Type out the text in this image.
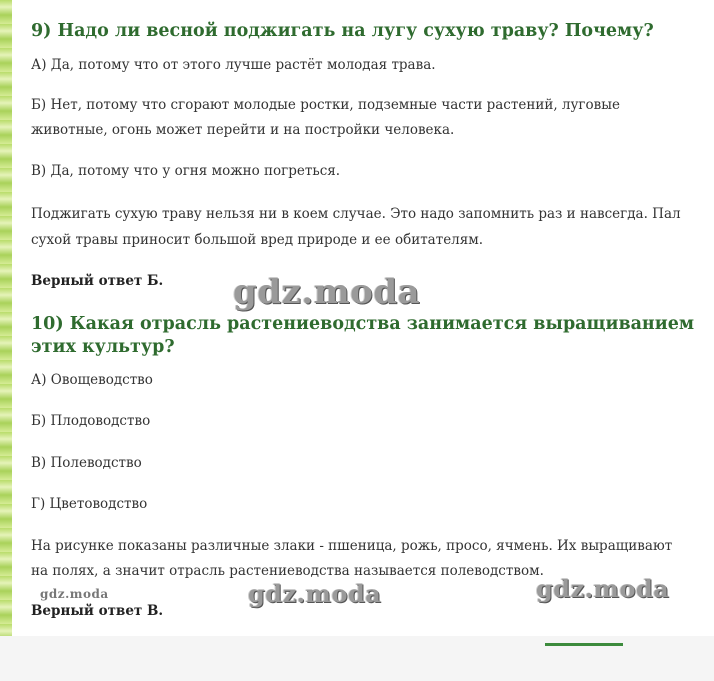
9) Надо ли весной поджигать на лугу сухую траву? Почему?

А) Да, потому что от этого лучше растёт молодая трава.

Б) Нет, потому что сгорают молодые ростки, подземные части растений, луговые

животные, огонь может перейти и на постройки человека.

В) Да, потому что у огня можно погреться.

Поджигать сухую траву нельзя ни в коем случае. Это надо запомнить раз и навсегда. Пал

сухой травы приносит большой вред природе и ее обитателям.

Верный ответ Б. gdz.moda
10) Какая отрасль растениеводства занимается выращиванием
этих культур?

А) Овощеводство

Б) Плодоводство

В) Полеводство

Г) Цветоводство

На рисунке показаны различные злаки - пшеница, рожь, просо, ячмень. Их выращивают

на полях, а значит отрасль растениеводства называется полеводством.

gdz.moda	gdz.moda	gdz.moda

Верный ответ В.
